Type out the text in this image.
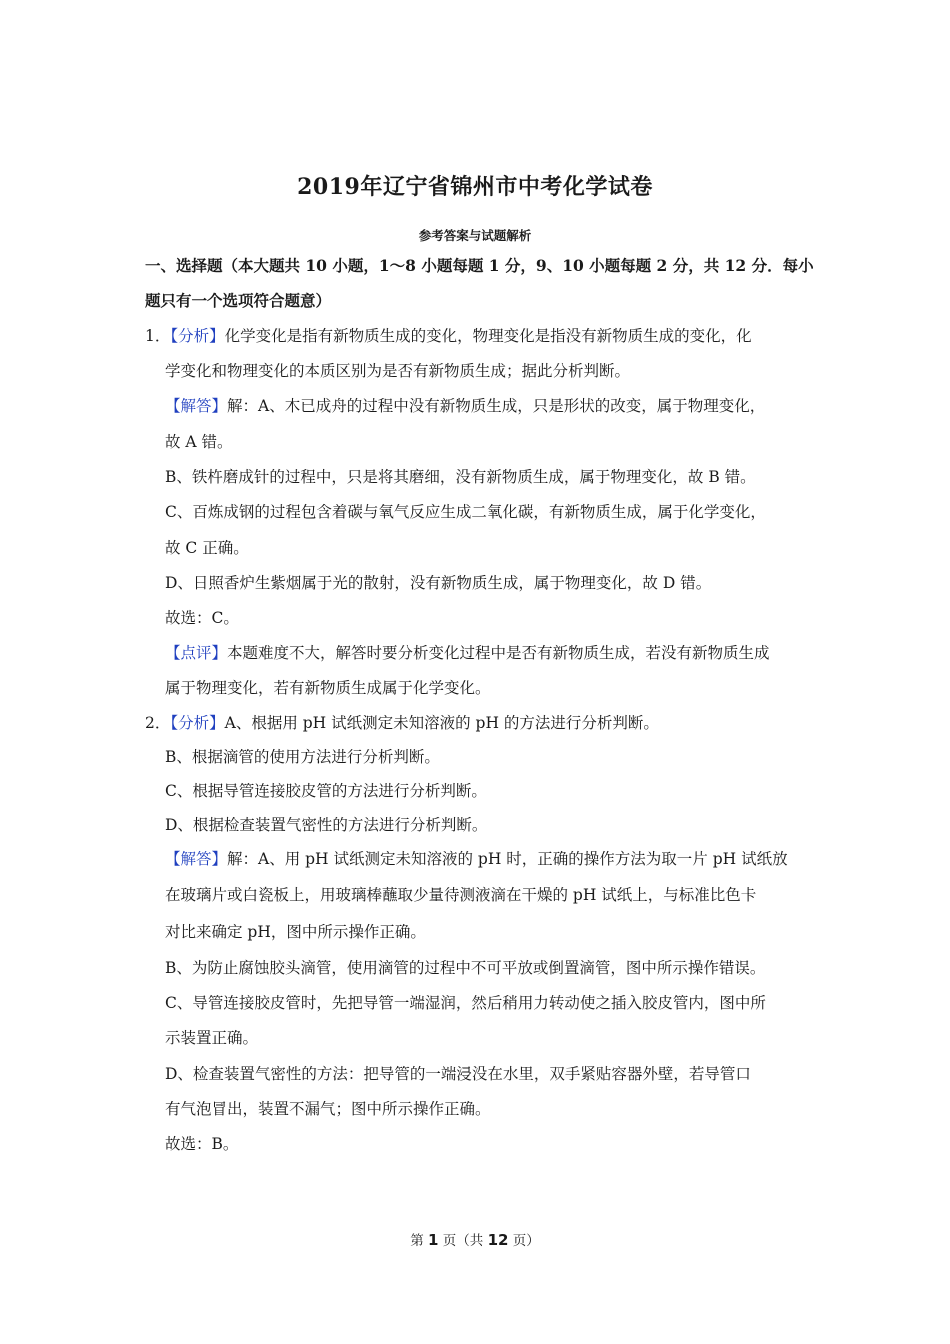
2019年辽宁省锦州市中考化学试卷
参考答案与试题解析
一、选择题（本大题共 10 小题，1～8 小题每题 1 分，9、10 小题每题 2 分，共 12 分．每小
题只有一个选项符合题意）
1．【分析】化学变化是指有新物质生成的变化，物理变化是指没有新物质生成的变化，化
学变化和物理变化的本质区别为是否有新物质生成；据此分析判断。
【解答】解：A、木已成舟的过程中没有新物质生成，只是形状的改变，属于物理变化，
故 A 错。
B、铁杵磨成针的过程中，只是将其磨细，没有新物质生成，属于物理变化，故 B 错。
C、百炼成钢的过程包含着碳与氧气反应生成二氧化碳，有新物质生成，属于化学变化，
故 C 正确。
D、日照香炉生紫烟属于光的散射，没有新物质生成，属于物理变化，故 D 错。
故选：C。
【点评】本题难度不大，解答时要分析变化过程中是否有新物质生成，若没有新物质生成
属于物理变化，若有新物质生成属于化学变化。
2．【分析】A、根据用 pH 试纸测定未知溶液的 pH 的方法进行分析判断。
B、根据滴管的使用方法进行分析判断。
C、根据导管连接胶皮管的方法进行分析判断。
D、根据检查装置气密性的方法进行分析判断。
【解答】解：A、用 pH 试纸测定未知溶液的 pH 时，正确的操作方法为取一片 pH 试纸放
在玻璃片或白瓷板上，用玻璃棒蘸取少量待测液滴在干燥的 pH 试纸上，与标准比色卡
对比来确定 pH，图中所示操作正确。
B、为防止腐蚀胶头滴管，使用滴管的过程中不可平放或倒置滴管，图中所示操作错误。
C、导管连接胶皮管时，先把导管一端湿润，然后稍用力转动使之插入胶皮管内，图中所
示装置正确。
D、检查装置气密性的方法：把导管的一端浸没在水里，双手紧贴容器外壁，若导管口
有气泡冒出，装置不漏气；图中所示操作正确。
故选：B。
第 1 页（共 12 页）
